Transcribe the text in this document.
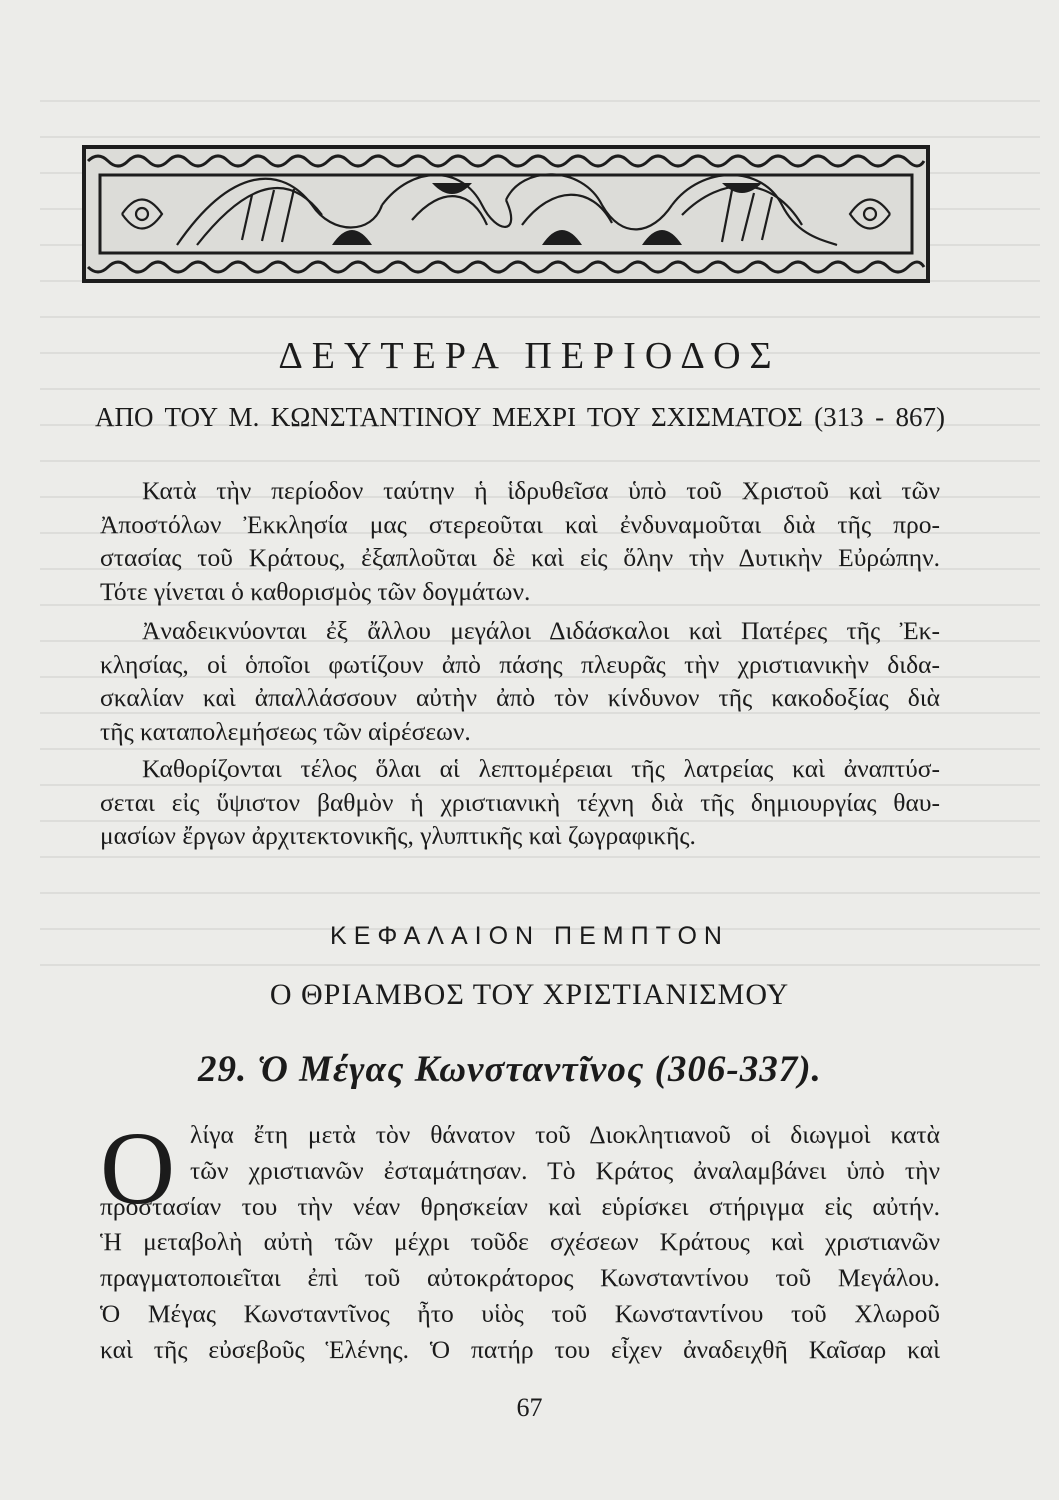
ΔΕΥΤΕΡΑ ΠΕΡΙΟΔΟΣ
ΑΠΟ ΤΟΥ Μ. ΚΩΝΣΤΑΝΤΙΝΟΥ ΜΕΧΡΙ ΤΟΥ ΣΧΙΣΜΑΤΟΣ (313 - 867)
Κατὰ τὴν περίοδον ταύτην ἡ ἱδρυθεῖσα ὑπὸ τοῦ Χριστοῦ καὶ τῶν
Ἀποστόλων Ἐκκλησία μας στερεοῦται καὶ ἐνδυναμοῦται διὰ τῆς προ-
στασίας τοῦ Κράτους, ἐξαπλοῦται δὲ καὶ εἰς ὅλην τὴν Δυτικὴν Εὐρώπην.
Τότε γίνεται ὁ καθορισμὸς τῶν δογμάτων.
Ἀναδεικνύονται ἐξ ἄλλου μεγάλοι Διδάσκαλοι καὶ Πατέρες τῆς Ἐκ-
κλησίας, οἱ ὁποῖοι φωτίζουν ἀπὸ πάσης πλευρᾶς τὴν χριστιανικὴν διδα-
σκαλίαν καὶ ἀπαλλάσσουν αὐτὴν ἀπὸ τὸν κίνδυνον τῆς κακοδοξίας διὰ
τῆς καταπολεμήσεως τῶν αἱρέσεων.
Καθορίζονται τέλος ὅλαι αἱ λεπτομέρειαι τῆς λατρείας καὶ ἀναπτύσ-
σεται εἰς ὕψιστον βαθμὸν ἡ χριστιανικὴ τέχνη διὰ τῆς δημιουργίας θαυ-
μασίων ἔργων ἀρχιτεκτονικῆς, γλυπτικῆς καὶ ζωγραφικῆς.
ΚΕΦΑΛΑΙΟΝ ΠΕΜΠΤΟΝ
Ο ΘΡΙΑΜΒΟΣ ΤΟΥ ΧΡΙΣΤΙΑΝΙΣΜΟΥ
29. Ὁ Μέγας Κωνσταντῖνος (306-337).
Ο λίγα ἔτη μετὰ τὸν θάνατον τοῦ Διοκλητιανοῦ οἱ διωγμοὶ κατὰ
τῶν χριστιανῶν ἐσταμάτησαν. Τὸ Κράτος ἀναλαμβάνει ὑπὸ τὴν
προστασίαν του τὴν νέαν θρησκείαν καὶ εὑρίσκει στήριγμα εἰς αὐτήν.
Ἡ μεταβολὴ αὐτὴ τῶν μέχρι τοῦδε σχέσεων Κράτους καὶ χριστιανῶν
πραγματοποιεῖται ἐπὶ τοῦ αὐτοκράτορος Κωνσταντίνου τοῦ Μεγάλου.
Ὁ Μέγας Κωνσταντῖνος ἦτο υἱὸς τοῦ Κωνσταντίνου τοῦ Χλωροῦ
καὶ τῆς εὐσεβοῦς Ἑλένης. Ὁ πατήρ του εἶχεν ἀναδειχθῆ Καῖσαρ καὶ
67
